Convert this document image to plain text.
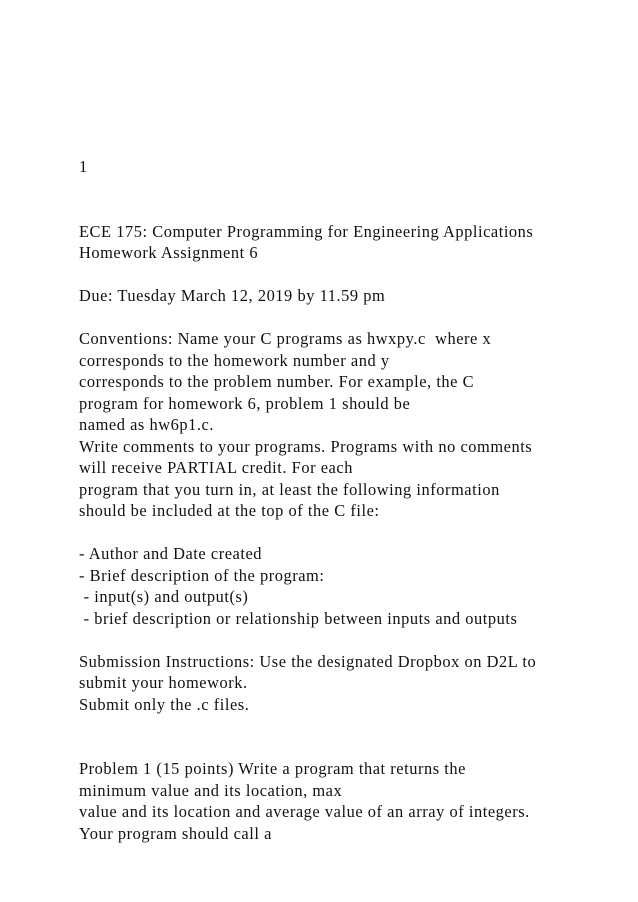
1
ECE 175: Computer Programming for Engineering Applications
Homework Assignment 6
Due: Tuesday March 12, 2019 by 11.59 pm
Conventions: Name your C programs as hwxpy.c  where x
corresponds to the homework number and y
corresponds to the problem number. For example, the C
program for homework 6, problem 1 should be
named as hw6p1.c.
Write comments to your programs. Programs with no comments
will receive PARTIAL credit. For each
program that you turn in, at least the following information
should be included at the top of the C file:
- Author and Date created
- Brief description of the program:
- input(s) and output(s)
- brief description or relationship between inputs and outputs
Submission Instructions: Use the designated Dropbox on D2L to
submit your homework.
Submit only the .c files.
Problem 1 (15 points) Write a program that returns the
minimum value and its location, max
value and its location and average value of an array of integers.
Your program should call a
